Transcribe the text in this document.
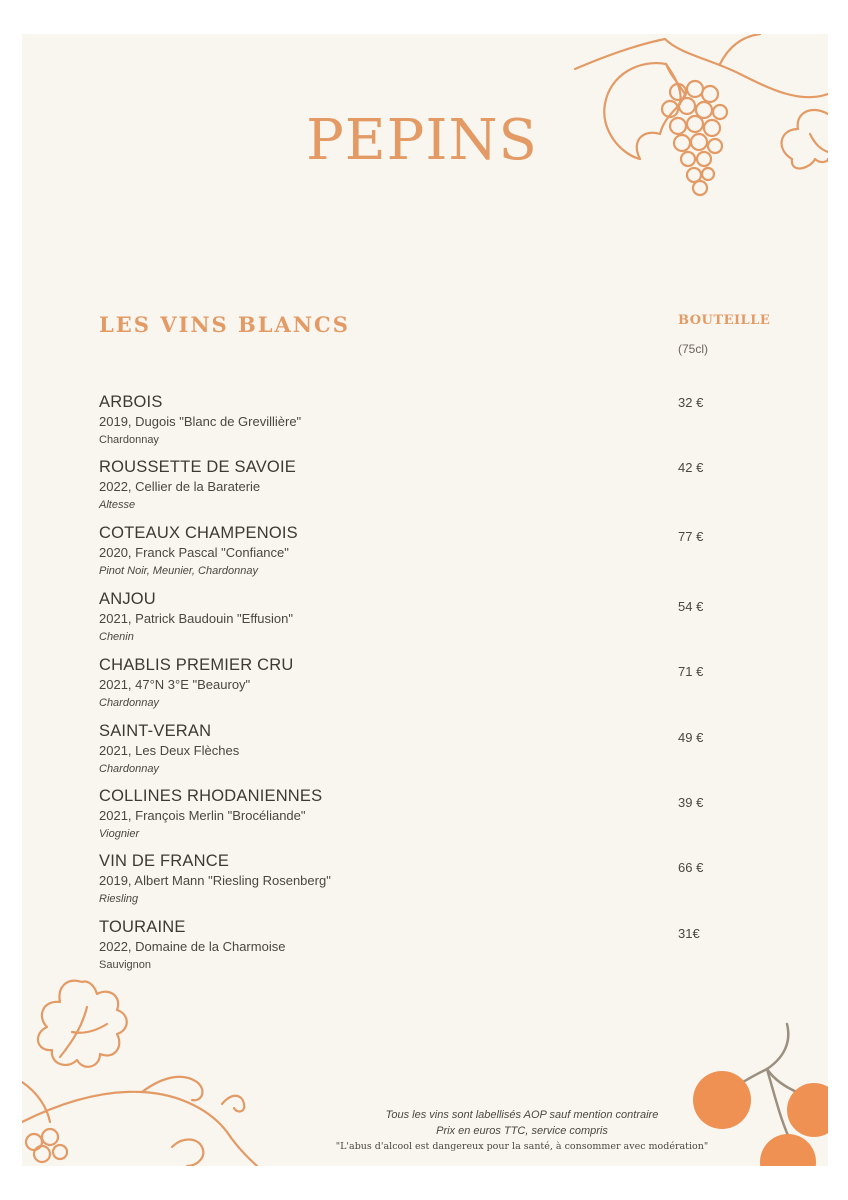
PEPINS
LES VINS BLANCS	BOUTEILLE
(75cl)
ARBOIS
2019, Dugois "Blanc de Grevillière"
Chardonnay
32 €
ROUSSETTE DE SAVOIE
2022, Cellier de la Baraterie
Altesse
42 €
COTEAUX CHAMPENOIS
2020, Franck Pascal "Confiance"
Pinot Noir, Meunier, Chardonnay
77 €
ANJOU
2021, Patrick Baudouin "Effusion"
Chenin
54 €
CHABLIS PREMIER CRU
2021, 47°N 3°E "Beauroy"
Chardonnay
71 €
SAINT-VERAN
2021, Les Deux Flèches
Chardonnay
49 €
COLLINES RHODANIENNES
2021, François Merlin "Brocéliande"
Viognier
39 €
VIN DE FRANCE
2019, Albert Mann "Riesling Rosenberg"
Riesling
66 €
TOURAINE
2022, Domaine de la Charmoise
Sauvignon
31€
Tous les vins sont labellisés AOP sauf mention contraire
Prix en euros TTC, service compris
"L'abus d'alcool est dangereux pour la santé, à consommer avec modération"
